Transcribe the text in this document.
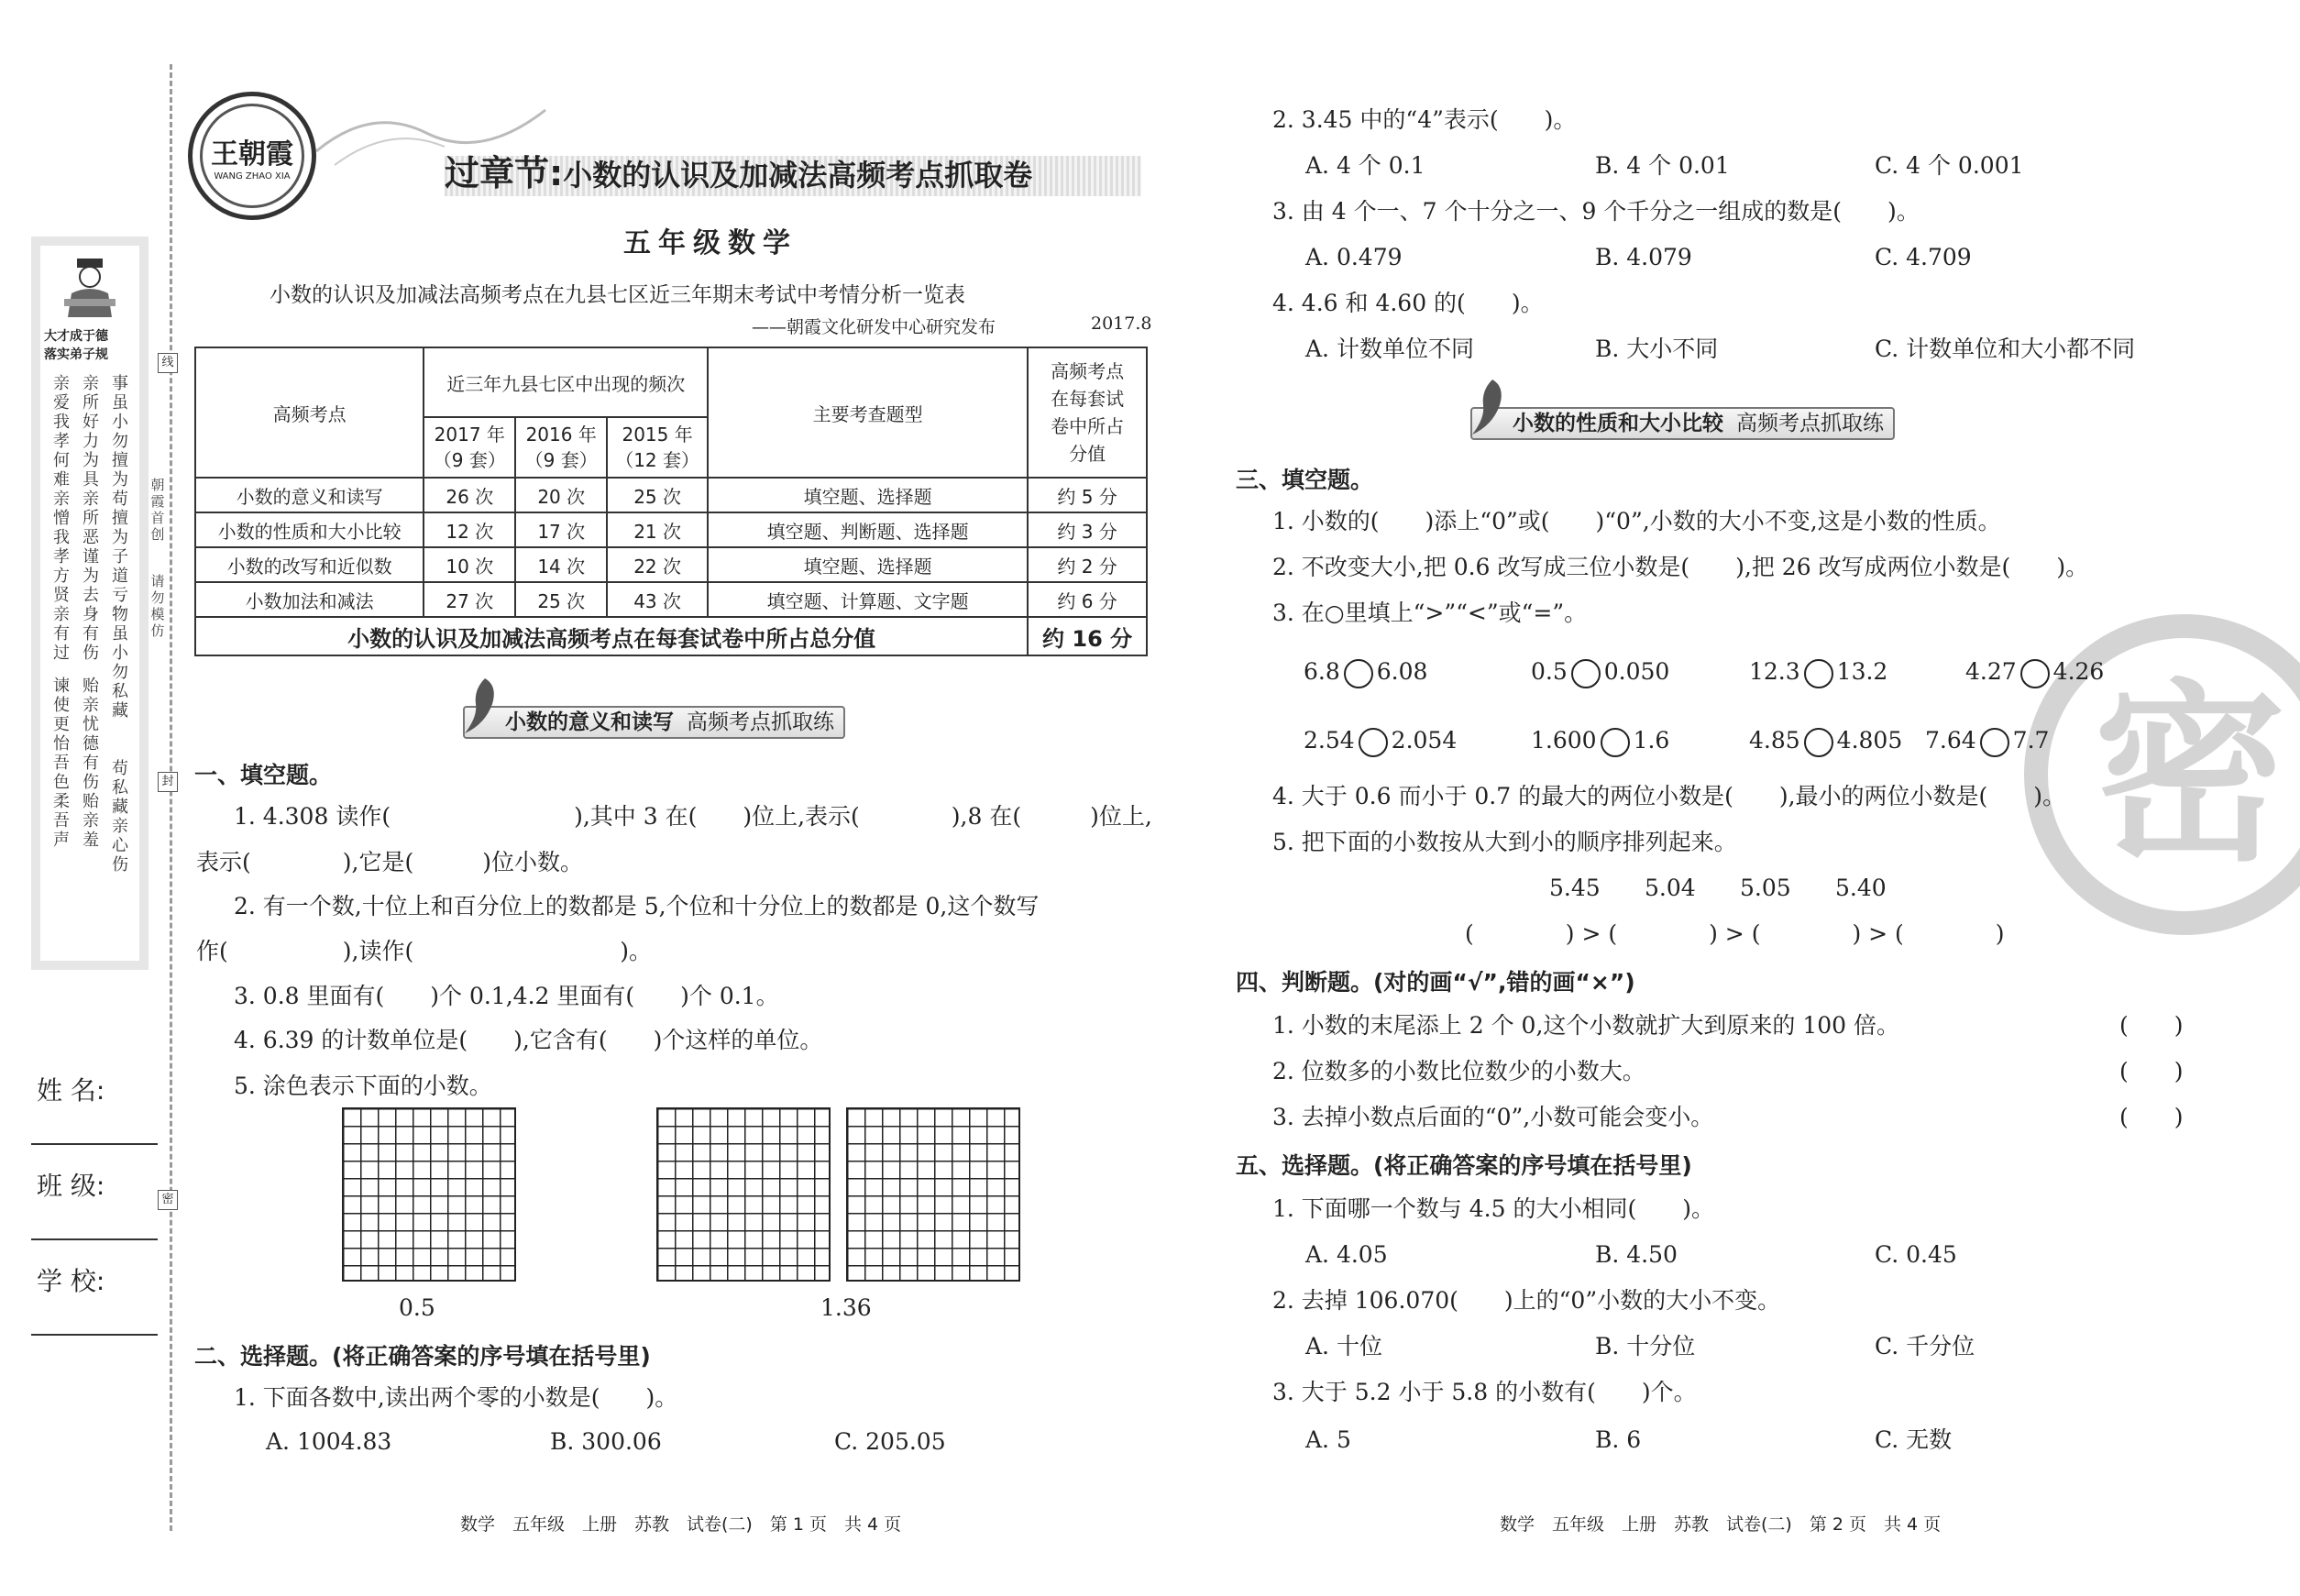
线
封
密
朝霞首创
请勿模仿
大才成于德
落实弟子规
事虽小勿擅为苟擅为子道亏物虽小勿私藏
亲所好力为具亲所恶谨为去身有伤
亲爱我孝何难亲憎我孝方贤亲有过
谏使更怡吾色柔吾声
贻亲忧德有伤贻亲羞
苟私藏亲心伤
姓 名:
班 级:
学 校:
王朝霞
WANG ZHAO XIA	过章节:小数的认识及加减法高频考点抓取卷
五年级数学
小数的认识及加减法高频考点在九县七区近三年期末考试中考情分析一览表
——朝霞文化研发中心研究发布	2017.8
高频考点	近三年九县七区中出现的频次			主要考查题型	高频考点在每套试卷中所占分值
	2017 年（9 套）	2016 年（9 套）	2015 年（12 套）		
小数的意义和读写	26 次	20 次	25 次	填空题、选择题	约 5 分
小数的性质和大小比较	12 次	17 次	21 次	填空题、判断题、选择题	约 3 分
小数的改写和近似数	10 次	14 次	22 次	填空题、选择题	约 2 分
小数加法和减法	27 次	25 次	43 次	填空题、计算题、文字题	约 6 分
小数的认识及加减法高频考点在每套试卷中所占总分值					约 16 分
小数的意义和读写 高频考点抓取练
一、填空题。
1. 4.308 读作(　　　　　　　　),其中 3 在(　　)位上,表示(　　　　),8 在(　　　)位上,
表示(　　　　),它是(　　　)位小数。
2. 有一个数,十位上和百分位上的数都是 5,个位和十分位上的数都是 0,这个数写
作(　　　　　),读作(　　　　　　　　　)。
3. 0.8 里面有(　　)个 0.1,4.2 里面有(　　)个 0.1。
4. 6.39 的计数单位是(　　),它含有(　　)个这样的单位。
5. 涂色表示下面的小数。
0.5	1.36
二、选择题。(将正确答案的序号填在括号里)
1. 下面各数中,读出两个零的小数是(　　)。
A. 1004.83	B. 300.06	C. 205.05
数学　五年级　上册　苏教　试卷(二)　第 1 页　共 4 页
密
2. 3.45 中的“4”表示(　　)。
A. 4 个 0.1	B. 4 个 0.01	C. 4 个 0.001
3. 由 4 个一、7 个十分之一、9 个千分之一组成的数是(　　)。
A. 0.479	B. 4.079	C. 4.709
4. 4.6 和 4.60 的(　　)。
A. 计数单位不同	B. 大小不同	C. 计数单位和大小都不同
小数的性质和大小比较 高频考点抓取练
三、填空题。
1. 小数的(　　)添上“0”或(　　)“0”,小数的大小不变,这是小数的性质。
2. 不改变大小,把 0.6 改写成三位小数是(　　),把 26 改写成两位小数是(　　)。
3. 在○里填上“>”“<”或“=”。
6.8 6.08	0.5 0.050	12.3 13.2	4.27 4.26
2.54 2.054	1.600 1.6	4.85 4.805 7.64 7.7
4. 大于 0.6 而小于 0.7 的最大的两位小数是(　　),最小的两位小数是(　　)。
5. 把下面的小数按从大到小的顺序排列起来。
5.45 5.04 5.05 5.40
(　　　　) > (　　　　) > (　　　　) > (　　　　)
四、判断题。(对的画“√”,错的画“×”)
1. 小数的末尾添上 2 个 0,这个小数就扩大到原来的 100 倍。	(　　)
2. 位数多的小数比位数少的小数大。	(　　)
3. 去掉小数点后面的“0”,小数可能会变小。	(　　)
五、选择题。(将正确答案的序号填在括号里)
1. 下面哪一个数与 4.5 的大小相同(　　)。
A. 4.05	B. 4.50	C. 0.45
2. 去掉 106.070(　　)上的“0”小数的大小不变。
A. 十位	B. 十分位	C. 千分位
3. 大于 5.2 小于 5.8 的小数有(　　)个。
A. 5	B. 6	C. 无数
数学　五年级　上册　苏教　试卷(二)　第 2 页　共 4 页
